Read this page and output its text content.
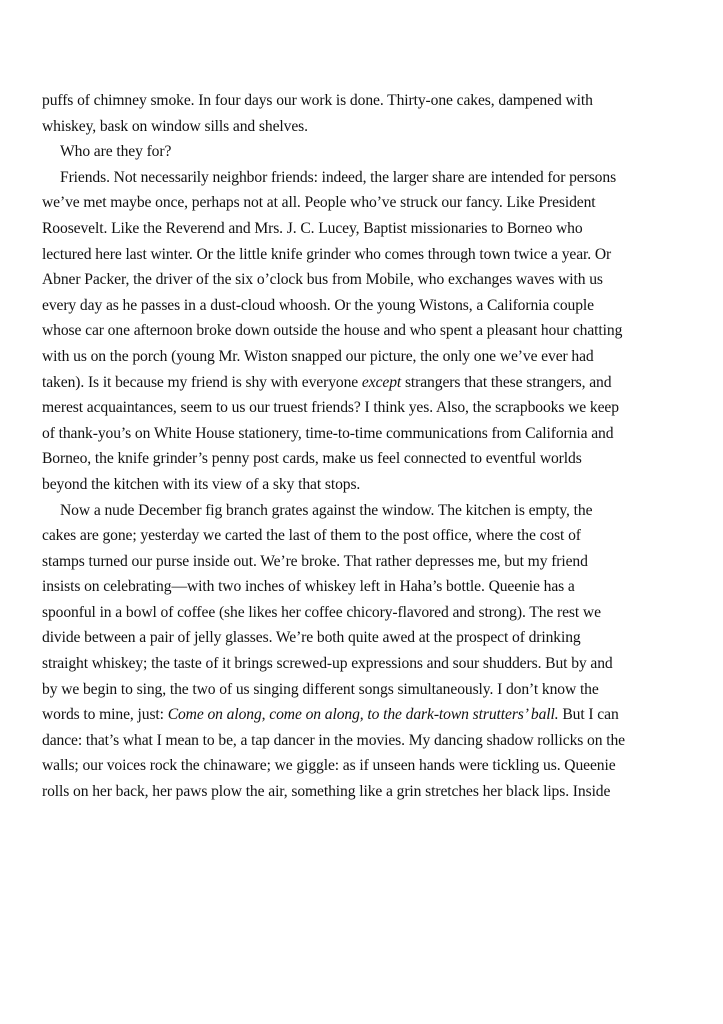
puffs of chimney smoke. In four days our work is done. Thirty-one cakes, dampened with
whiskey, bask on window sills and shelves.
Who are they for?
Friends. Not necessarily neighbor friends: indeed, the larger share are intended for persons
we’ve met maybe once, perhaps not at all. People who’ve struck our fancy. Like President
Roosevelt. Like the Reverend and Mrs. J. C. Lucey, Baptist missionaries to Borneo who
lectured here last winter. Or the little knife grinder who comes through town twice a year. Or
Abner Packer, the driver of the six o’clock bus from Mobile, who exchanges waves with us
every day as he passes in a dust-cloud whoosh. Or the young Wistons, a California couple
whose car one afternoon broke down outside the house and who spent a pleasant hour chatting
with us on the porch (young Mr. Wiston snapped our picture, the only one we’ve ever had
taken). Is it because my friend is shy with everyone except strangers that these strangers, and
merest acquaintances, seem to us our truest friends? I think yes. Also, the scrapbooks we keep
of thank-you’s on White House stationery, time-to-time communications from California and
Borneo, the knife grinder’s penny post cards, make us feel connected to eventful worlds
beyond the kitchen with its view of a sky that stops.
Now a nude December fig branch grates against the window. The kitchen is empty, the
cakes are gone; yesterday we carted the last of them to the post office, where the cost of
stamps turned our purse inside out. We’re broke. That rather depresses me, but my friend
insists on celebrating—with two inches of whiskey left in Haha’s bottle. Queenie has a
spoonful in a bowl of coffee (she likes her coffee chicory-flavored and strong). The rest we
divide between a pair of jelly glasses. We’re both quite awed at the prospect of drinking
straight whiskey; the taste of it brings screwed-up expressions and sour shudders. But by and
by we begin to sing, the two of us singing different songs simultaneously. I don’t know the
words to mine, just: Come on along, come on along, to the dark-town strutters’ ball. But I can
dance: that’s what I mean to be, a tap dancer in the movies. My dancing shadow rollicks on the
walls; our voices rock the chinaware; we giggle: as if unseen hands were tickling us. Queenie
rolls on her back, her paws plow the air, something like a grin stretches her black lips. Inside
